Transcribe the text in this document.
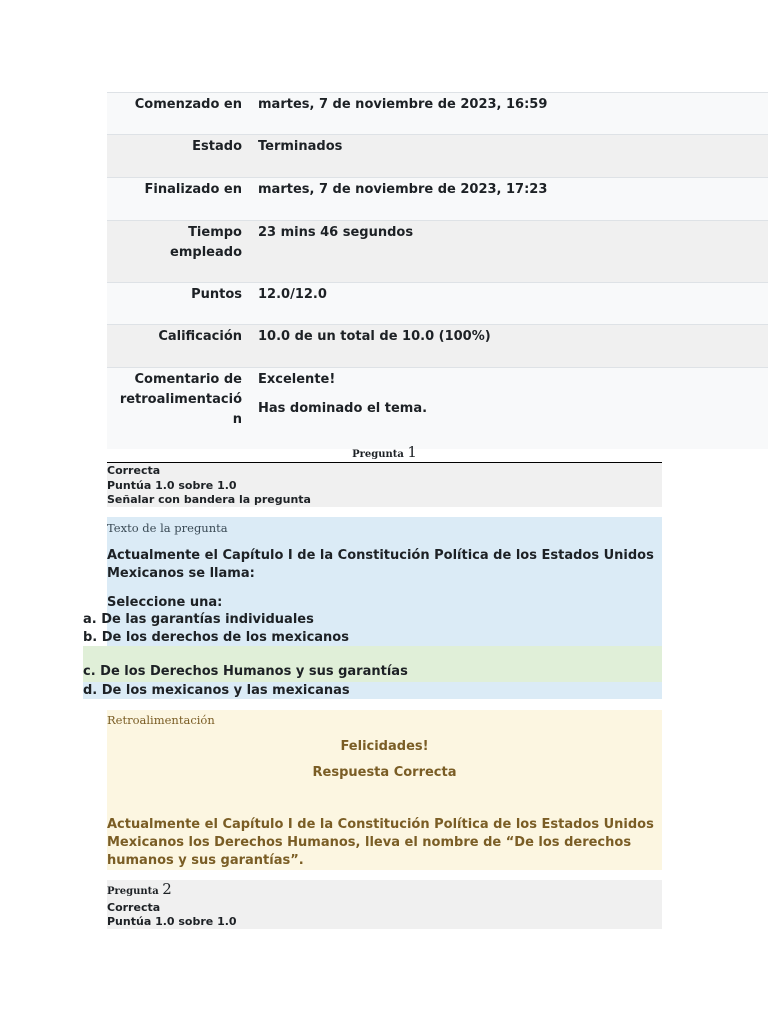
Comenzado en martes, 7 de noviembre de 2023, 16:59

Estado Terminados

Finalizado en martes, 7 de noviembre de 2023, 17:23

Tiempo
empleado

23 mins 46 segundos

Puntos 12.0/12.0

Calificación 10.0 de un total de 10.0 (100%)

Comentario de
retroalimentació
n

Excelente!

Has dominado el tema.

Pregunta 1
Correcta
Puntúa 1.0 sobre 1.0
Señalar con bandera la pregunta
Texto de la pregunta
Actualmente el Capítulo I de la Constitución Política de los Estados Unidos Mexicanos se llama:
Seleccione una:
a. De las garantías individuales
b. De los derechos de los mexicanos
c. De los Derechos Humanos y sus garantías
d. De los mexicanos y las mexicanas
Retroalimentación
Felicidades!
Respuesta Correcta
Actualmente el Capítulo I de la Constitución Política de los Estados Unidos Mexicanos los Derechos Humanos, lleva el nombre de “De los derechos humanos y sus garantías”.
Pregunta 2
Correcta
Puntúa 1.0 sobre 1.0
